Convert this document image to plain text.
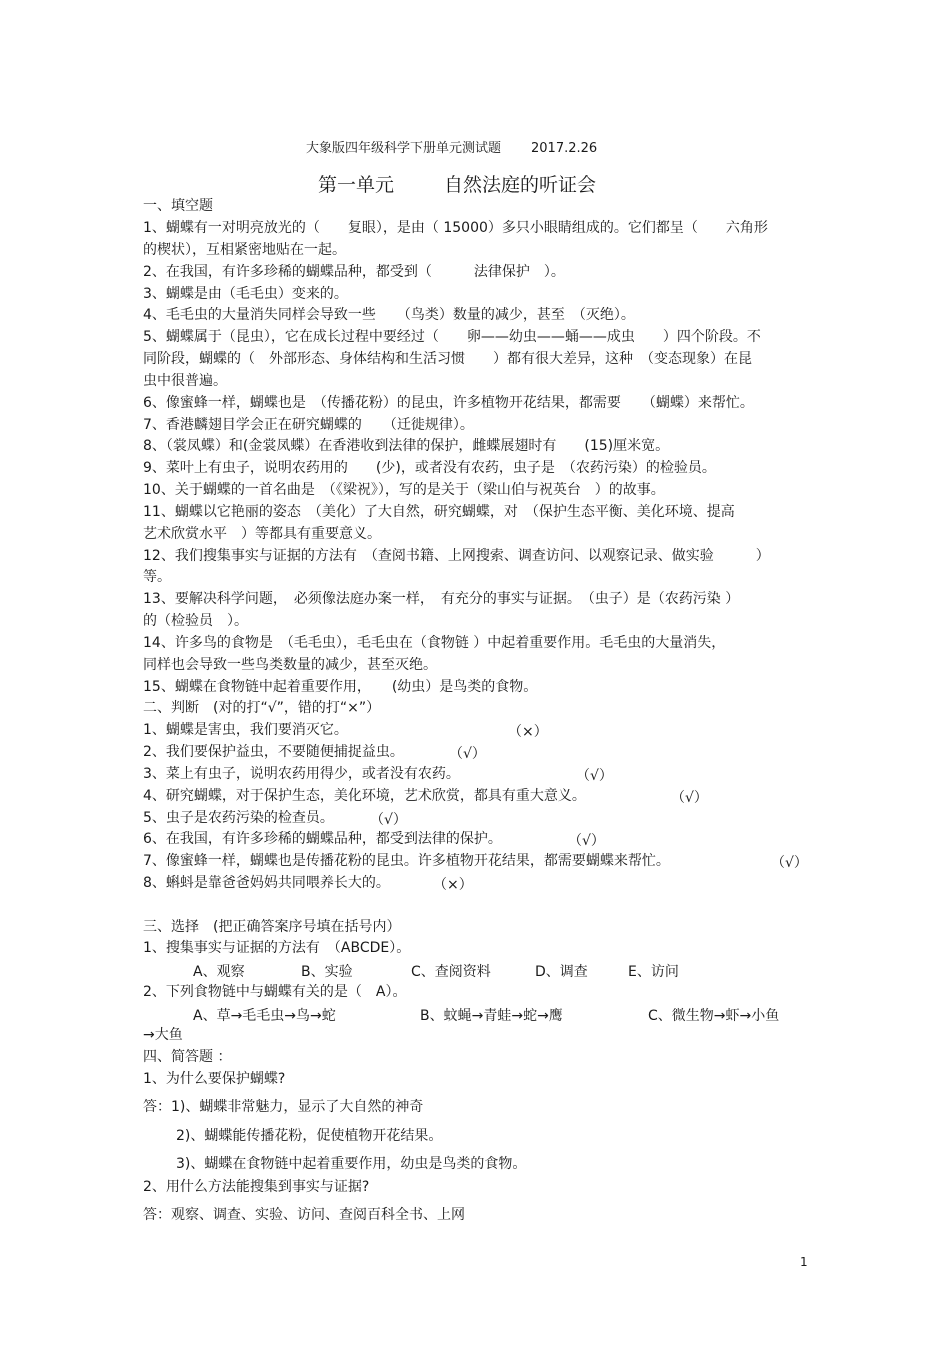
大象版四年级科学下册单元测试题 2017.2.26
第一单元	自然法庭的听证会
一、填空题
1、蝴蝶有一对明亮放光的（　　复眼），是由（ 15000）多只小眼睛组成的。它们都呈（　　六角形
的楔状），互相紧密地贴在一起。
2、在我国，有许多珍稀的蝴蝶品种，都受到（　　　法律保护　）。
3、蝴蝶是由（毛毛虫）变来的。
4、毛毛虫的大量消失同样会导致一些　　（鸟类）数量的减少，甚至　（灭绝）。
5、蝴蝶属于（昆虫），它在成长过程中要经过（　　卵——幼虫——蛹——成虫　　）四个阶段。不
同阶段，蝴蝶的（　外部形态、身体结构和生活习惯　　）都有很大差异，这种　（变态现象）在昆
虫中很普遍。
6、像蜜蜂一样，蝴蝶也是　（传播花粉）的昆虫，许多植物开花结果，都需要　　（蝴蝶）来帮忙。
7、香港麟翅目学会正在研究蝴蝶的　　（迁徙规律）。
8、（裳凤蝶）和(金裳凤蝶）在香港收到法律的保护，雌蝶展翅时有　　(15)厘米宽。
9、菜叶上有虫子，说明农药用的　　(少)，或者没有农药，虫子是　（农药污染）的检验员。
10、关于蝴蝶的一首名曲是　（《梁祝》），写的是关于（梁山伯与祝英台　）的故事。
11、蝴蝶以它艳丽的姿态　（美化）了大自然，研究蝴蝶，对　（保护生态平衡、美化环境、提高
艺术欣赏水平　）等都具有重要意义。
12、我们搜集事实与证据的方法有　（查阅书籍、上网搜索、调查访问、以观察记录、做实验　　　）
等。
13、要解决科学问题，　必须像法庭办案一样，　有充分的事实与证据。　（虫子）是（农药污染 ）
的（检验员　）。
14、许多鸟的食物是　（毛毛虫），毛毛虫在（食物链 ）中起着重要作用。毛毛虫的大量消失，
同样也会导致一些鸟类数量的减少，甚至灭绝。
15、蝴蝶在食物链中起着重要作用，　　(幼虫）是鸟类的食物。
二、判断　(对的打“√”，错的打“×”）
1、蝴蝶是害虫，我们要消灭它。	（×）
2、我们要保护益虫，不要随便捕捉益虫。	（√）
3、菜上有虫子，说明农药用得少，或者没有农药。	（√）
4、研究蝴蝶，对于保护生态，美化环境，艺术欣赏，都具有重大意义。	（√）
5、虫子是农药污染的检查员。	（√）
6、在我国，有许多珍稀的蝴蝶品种，都受到法律的保护。	（√）
7、像蜜蜂一样，蝴蝶也是传播花粉的昆虫。许多植物开花结果，都需要蝴蝶来帮忙。	（√）
8、蝌蚪是靠爸爸妈妈共同喂养长大的。	（×）
三、选择　(把正确答案序号填在括号内）
1、搜集事实与证据的方法有　（ABCDE）。
A、观察	B、实验	C、查阅资料	D、调查	E、访问
2、下列食物链中与蝴蝶有关的是（　A）。
A、草→毛毛虫→鸟→蛇	B、蚊蝇→青蛙→蛇→鹰	C、微生物→虾→小鱼
→大鱼
四、简答题 ：
1、为什么要保护蝴蝶?
答：1)、蝴蝶非常魅力，显示了大自然的神奇
2)、蝴蝶能传播花粉，促使植物开花结果。
3)、蝴蝶在食物链中起着重要作用，幼虫是鸟类的食物。
2、用什么方法能搜集到事实与证据?
答：观察、调查、实验、访问、查阅百科全书、上网
1
